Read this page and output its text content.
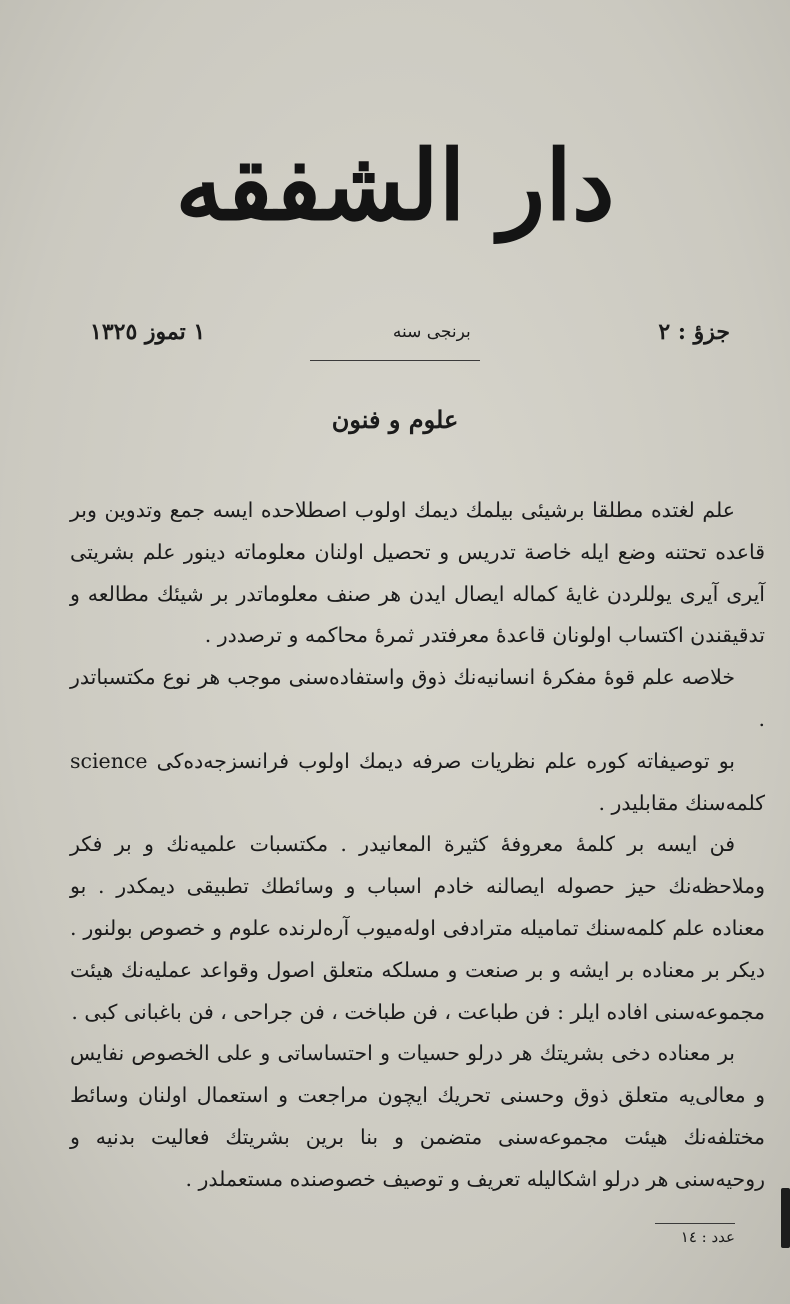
دار الشفقه
جزؤ : ٢
برنجی سنه
١ تموز ١٣٢٥
علوم و فنون

علم لغتده مطلقا برشیئی بیلمك دیمك اولوب اصطلاحده ایسه جمع وتدوین وبر قاعده تحتنه وضع ایله خاصة تدریس و تحصیل اولنان معلوماته دینور علم بشریتی آیری آیری یوللردن غایهٔ کماله ایصال ایدن هر صنف معلوماتدر بر شیئك مطالعه و تدقیقندن اکتساب اولونان قاعدهٔ معرفتدر ثمرهٔ محاکمه و ترصددر .

خلاصه علم قوهٔ مفکرهٔ انسانیه‌نك ذوق واستفاده‌سنی موجب هر نوع مکتسباتدر .

بو توصیفاته کوره علم نظریات صرفه دیمك اولوب فرانسزجه‌ده‌کی science کلمه‌سنك مقابلیدر .

فن ایسه بر کلمهٔ معروفهٔ کثیرة المعانیدر . مکتسبات علمیه‌نك و بر فکر وملاحظه‌نك حیز حصوله ایصالنه خادم اسباب و وسائطك تطبیقی دیمکدر . بو معناده علم کلمه‌سنك تمامیله مترادفی اوله‌میوب آره‌لرنده علوم و خصوص بولنور . دیکر بر معناده بر ایشه و بر صنعت و مسلکه متعلق اصول وقواعد عملیه‌نك هیئت مجموعه‌سنی افاده ایلر : فن طباعت ، فن طباخت ، فن جراحی ، فن باغبانی کبی .

بر معناده دخی بشریتك هر درلو حسیات و احتساساتی و علی الخصوص نفایس و معالی‌یه متعلق ذوق وحسنی تحریك ایچون مراجعت و استعمال اولنان وسائط مختلفه‌نك هیئت مجموعه‌سنی متضمن و بنا برین بشریتك فعالیت بدنیه و روحیه‌سنی هر درلو اشکالیله تعریف و توصیف خصوصنده مستعملدر .

عدد : ١٤
